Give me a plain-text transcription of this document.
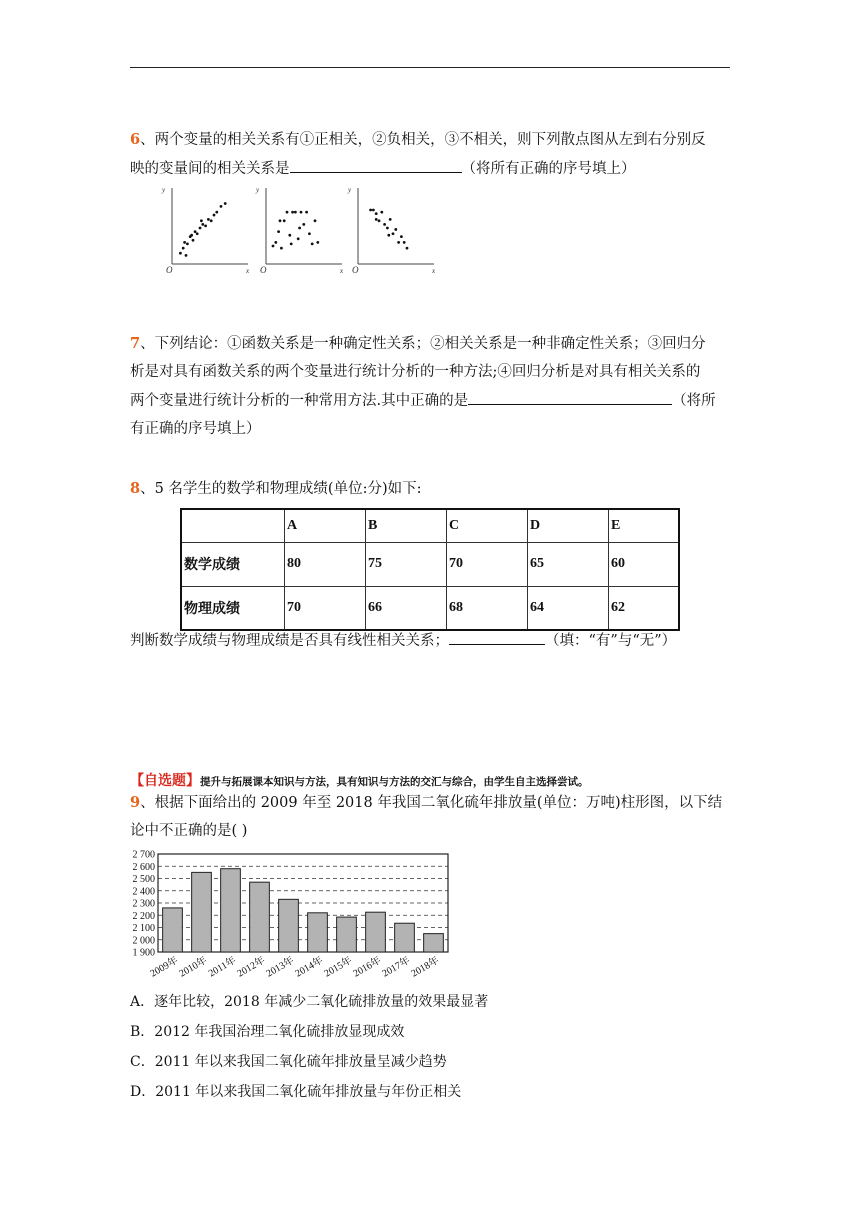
6、两个变量的相关关系有①正相关，②负相关，③不相关，则下列散点图从左到右分别反
映的变量间的相关关系是	（将所有正确的序号填上）
y
x
O
y
x
O
y
x
O
7、下列结论：①函数关系是一种确定性关系；②相关关系是一种非确定性关系；③回归分
析是对具有函数关系的两个变量进行统计分析的一种方法;④回归分析是对具有相关关系的
两个变量进行统计分析的一种常用方法.其中正确的是	（将所
有正确的序号填上）
8、5 名学生的数学和物理成绩(单位:分)如下:
	A	B	C	D	E
数学成绩	80	75	70	65	60
物理成绩	70	66	68	64	62
判断数学成绩与物理成绩是否具有线性相关关系；	（填：“有”与“无”）
【自选题】提升与拓展课本知识与方法，具有知识与方法的交汇与综合，由学生自主选择尝试。
9、根据下面给出的 2009 年至 2018 年我国二氧化硫年排放量(单位：万吨)柱形图，以下结
论中不正确的是( )
1 900
2 000
2 100
2 200
2 300
2 400
2 500
2 600
2 700
2009年
2010年
2011年
2012年
2013年
2014年
2015年
2016年
2017年
2018年
A．逐年比较，2018 年减少二氧化硫排放量的效果最显著
B．2012 年我国治理二氧化硫排放显现成效
C．2011 年以来我国二氧化硫年排放量呈减少趋势
D．2011 年以来我国二氧化硫年排放量与年份正相关
